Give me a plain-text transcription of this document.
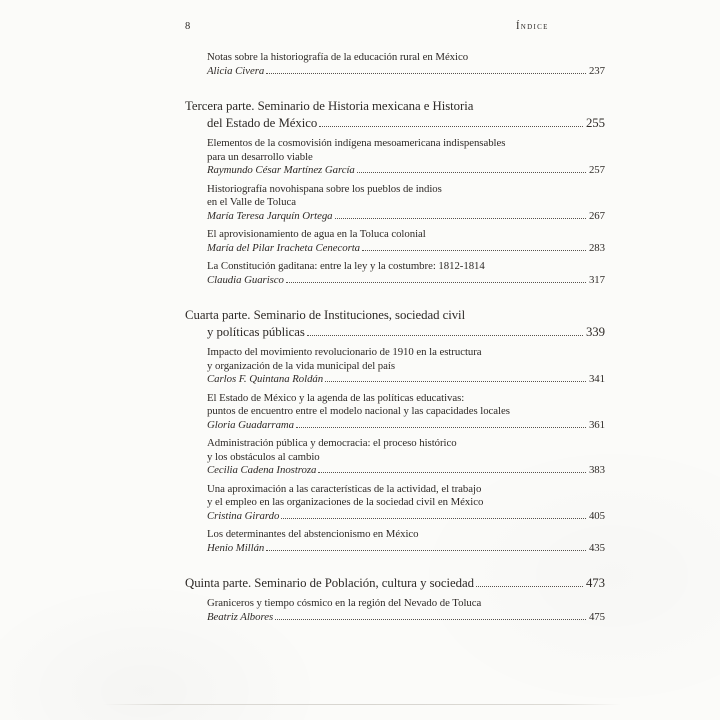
8	Índice
Notas sobre la historiografía de la educación rural en México
Alicia Civera	237
Tercera parte. Seminario de Historia mexicana e Historia
del Estado de México	255
Elementos de la cosmovisión indígena mesoamericana indispensables
para un desarrollo viable
Raymundo César Martínez García	257
Historiografía novohispana sobre los pueblos de indios
en el Valle de Toluca
María Teresa Jarquín Ortega	267
El aprovisionamiento de agua en la Toluca colonial
María del Pilar Iracheta Cenecorta	283
La Constitución gaditana: entre la ley y la costumbre: 1812-1814
Claudia Guarisco	317
Cuarta parte. Seminario de Instituciones, sociedad civil
y políticas públicas	339
Impacto del movimiento revolucionario de 1910 en la estructura
y organización de la vida municipal del país
Carlos F. Quintana Roldán	341
El Estado de México y la agenda de las políticas educativas:
puntos de encuentro entre el modelo nacional y las capacidades locales
Gloria Guadarrama	361
Administración pública y democracia: el proceso histórico
y los obstáculos al cambio
Cecilia Cadena Inostroza	383
Una aproximación a las características de la actividad, el trabajo
y el empleo en las organizaciones de la sociedad civil en México
Cristina Girardo	405
Los determinantes del abstencionismo en México
Henio Millán	435
Quinta parte. Seminario de Población, cultura y sociedad	473
Graniceros y tiempo cósmico en la región del Nevado de Toluca
Beatriz Albores	475
